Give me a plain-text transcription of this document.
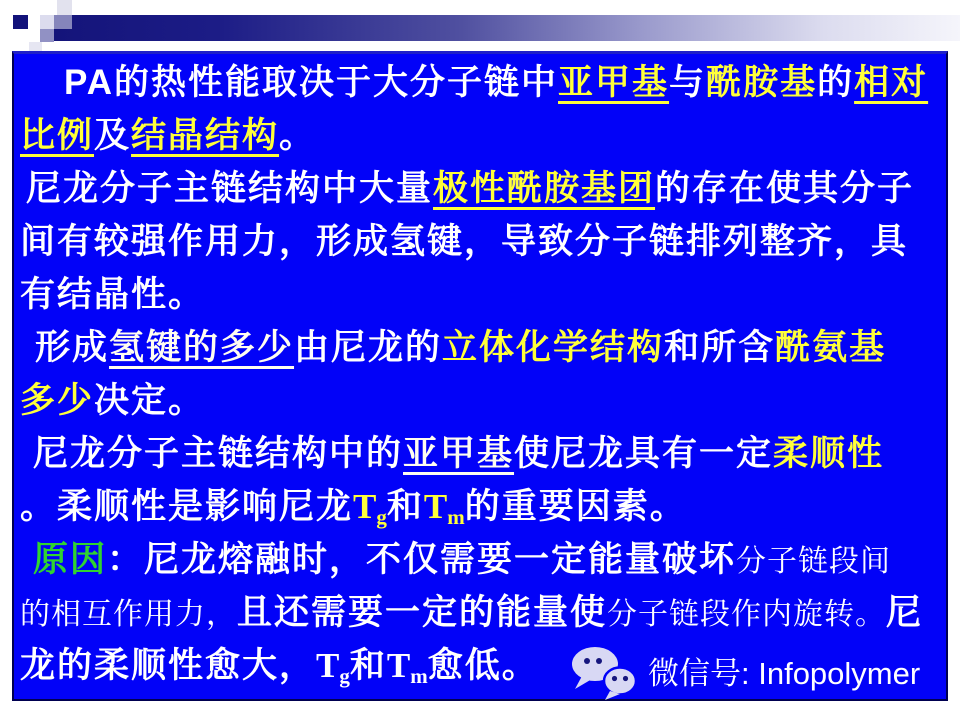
PA的热性能取决于大分子链中亚甲基与酰胺基的相对
比例及结晶结构。
尼龙分子主链结构中大量极性酰胺基团的存在使其分子
间有较强作用力，形成氢键，导致分子链排列整齐，具
有结晶性。
形成氢键的多少由尼龙的立体化学结构和所含酰氨基
多少决定。
尼龙分子主链结构中的亚甲基使尼龙具有一定柔顺性
。柔顺性是影响尼龙$T_g$和$T_m$的重要因素。
原因：尼龙熔融时，不仅需要一定能量破坏分子链段间
的相互作用力，且还需要一定的能量使分子链段作内旋转。尼
龙的柔顺性愈大，$T_g$和$T_m$愈低。	微信号: Infopolymer
